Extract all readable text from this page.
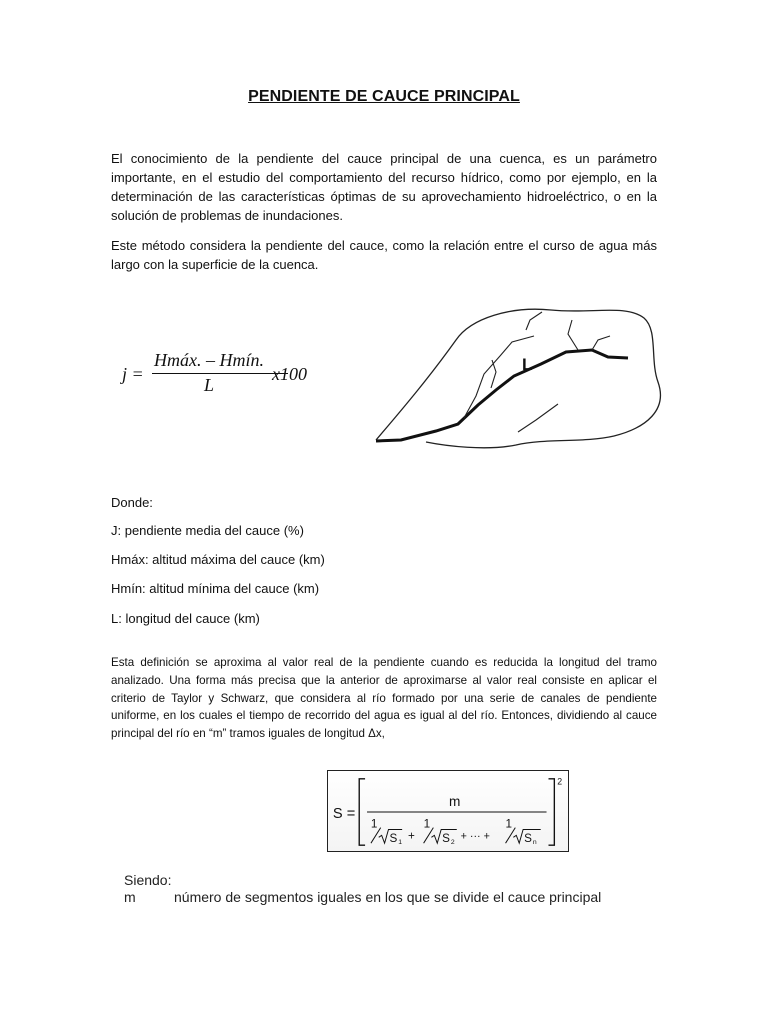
PENDIENTE DE CAUCE PRINCIPAL
El conocimiento de la pendiente del cauce principal de una cuenca, es un parámetro importante, en el estudio del comportamiento del recurso hídrico, como por ejemplo, en la determinación de las características óptimas de su aprovechamiento hidroeléctrico, o en la solución de problemas de inundaciones.
Este método considera la pendiente del cauce, como la relación entre el curso de agua más largo con la superficie de la cuenca.
j =
Hmáx. – Hmín.
L
x100	L
Donde:
J: pendiente media del cauce (%)
Hmáx: altitud máxima del cauce (km)
Hmín: altitud mínima del cauce (km)
L: longitud del cauce (km)
Esta definición se aproxima al valor real de la pendiente cuando es reducida la longitud del tramo analizado. Una forma más precisa que la anterior de aproximarse al valor real consiste en aplicar el criterio de Taylor y Schwarz, que considera al río formado por una serie de canales de pendiente uniforme, en los cuales el tiempo de recorrido del agua es igual al del río. Entonces, dividiendo al cauce principal del río en “m” tramos iguales de longitud Δx,
S =
2
m
1
S 1
+
1
S 2
+ ··· +
1
S n
Siendo:
m	número de segmentos iguales en los que se divide el cauce principal
